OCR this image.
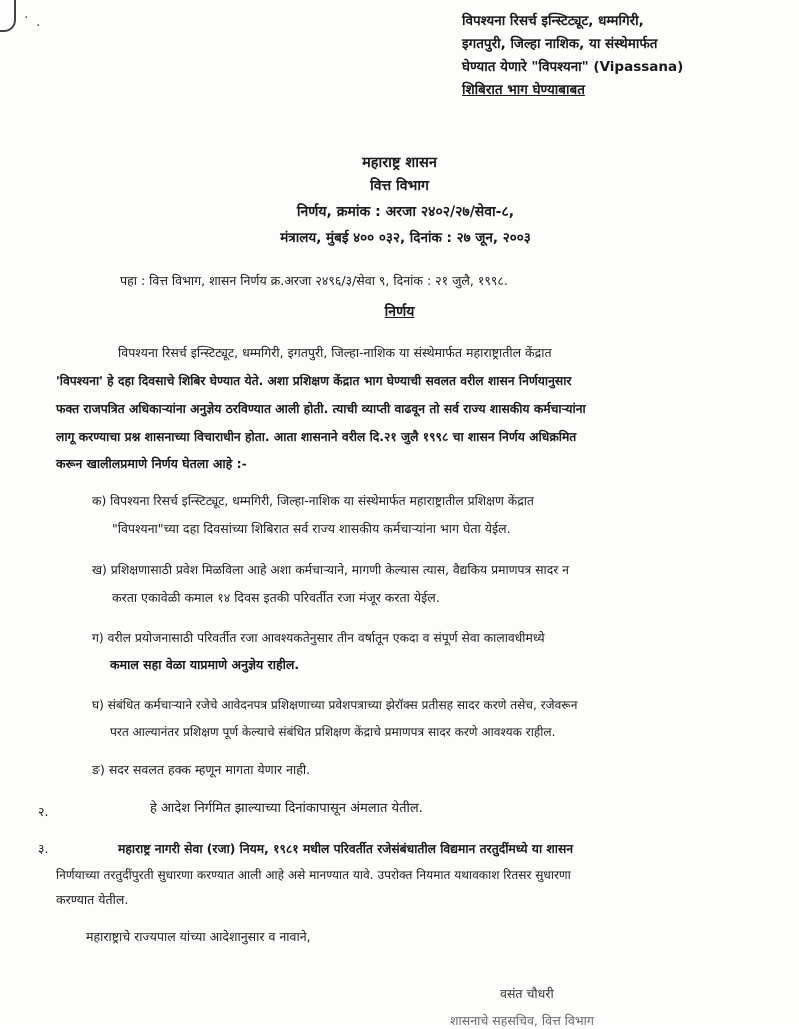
. .	विपश्यना रिसर्च इन्स्टिट्यूट, धम्मगिरी,
इगतपुरी, जिल्हा नाशिक, या संस्थेमार्फत
घेण्यात येणारे "विपश्यना" (Vipassana)
शिबिरात भाग घेण्याबाबत
महाराष्ट्र शासन
वित्त विभाग
निर्णय, क्रमांक : अरजा २४०२/२७/सेवा-८,
मंत्रालय, मुंबई ४०० ०३२, दिनांक : २७ जून, २००३
पहा : वित्त विभाग, शासन निर्णय क्र.अरजा २४९६/३/सेवा ९, दिनांक : २१ जुलै, १९९८.
निर्णय
विपश्यना रिसर्च इन्स्टिट्यूट, धम्मगिरी, इगतपुरी, जिल्हा-नाशिक या संस्थेमार्फत महाराष्ट्रातील केंद्रात
'विपश्यना' हे दहा दिवसाचे शिबिर घेण्यात येते. अशा प्रशिक्षण केंद्रात भाग घेण्याची सवलत वरील शासन निर्णयानुसार
फक्त राजपत्रित अधिकाऱ्यांना अनुज्ञेय ठरविण्यात आली होती. त्याची व्याप्ती वाढवून तो सर्व राज्य शासकीय कर्मचाऱ्यांना
लागू करण्याचा प्रश्न शासनाच्या विचाराधीन होता. आता शासनाने वरील दि.२१ जुलै १९९८ चा शासन निर्णय अधिक्रमित
करून खालीलप्रमाणे निर्णय घेतला आहे :-
क) विपश्यना रिसर्च इन्स्टिट्यूट, धम्मगिरी, जिल्हा-नाशिक या संस्थेमार्फत महाराष्ट्रातील प्रशिक्षण केंद्रात
"विपश्यना"च्या दहा दिवसांच्या शिबिरात सर्व राज्य शासकीय कर्मचाऱ्यांना भाग घेता येईल.
ख) प्रशिक्षणासाठी प्रवेश मिळविला आहे अशा कर्मचाऱ्याने, मागणी केल्यास त्यास, वैद्यकिय प्रमाणपत्र सादर न
करता एकावेळी कमाल १४ दिवस इतकी परिवर्तीत रजा मंजूर करता येईल.
ग) वरील प्रयोजनासाठी परिवर्तीत रजा आवश्यकतेनुसार तीन वर्षातून एकदा व संपूर्ण सेवा कालावधीमध्ये
कमाल सहा वेळा याप्रमाणे अनुज्ञेय राहील.
घ) संबंधित कर्मचाऱ्याने रजेचे आवेदनपत्र प्रशिक्षणाच्या प्रवेशपत्राच्या झेरॉक्स प्रतीसह सादर करणे तसेच, रजेवरून
परत आल्यानंतर प्रशिक्षण पूर्ण केल्याचे संबंधित प्रशिक्षण केंद्राचे प्रमाणपत्र सादर करणे आवश्यक राहील.
ङ) सदर सवलत हक्क म्हणून मागता येणार नाही.
२.	हे आदेश निर्गमित झाल्याच्या दिनांकापासून अंमलात येतील.
३.	महाराष्ट्र नागरी सेवा (रजा) नियम, १९८१ मधील परिवर्तीत रजेसंबंधातील विद्यमान तरतुदींमध्ये या शासन
निर्णयाच्या तरतुदींपुरती सुधारणा करण्यात आली आहे असे मानण्यात यावे. उपरोक्त नियमात यथावकाश रितसर सुधारणा
करण्यात येतील.
महाराष्ट्राचे राज्यपाल यांच्या आदेशानुसार व नावाने,
वसंत चौधरी
शासनाचे सहसचिव, वित्त विभाग
